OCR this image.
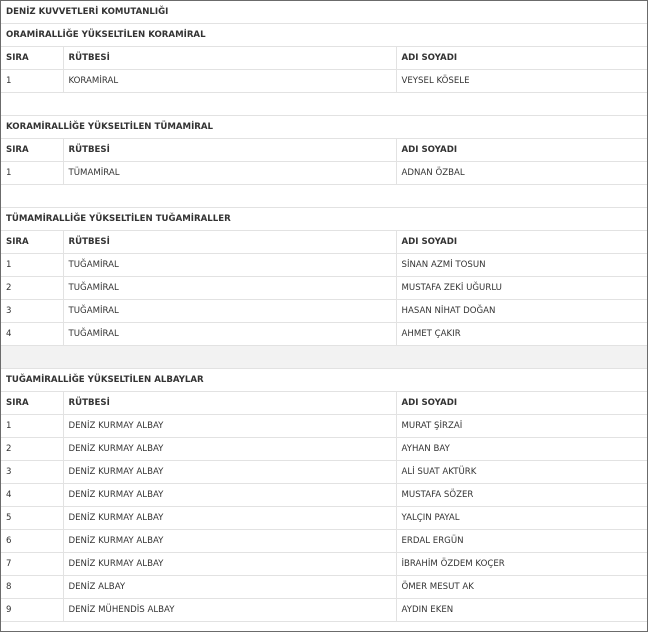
DENİZ KUVVETLERİ KOMUTANLIĞI		
ORAMİRALLİĞE YÜKSELTİLEN KORAMİRAL		
SIRA	RÜTBESİ	ADI SOYADI
1	KORAMİRAL	VEYSEL KÖSELE

KORAMİRALLİĞE YÜKSELTİLEN TÜMAMİRAL		
SIRA	RÜTBESİ	ADI SOYADI
1	TÜMAMİRAL	ADNAN ÖZBAL

TÜMAMİRALLİĞE YÜKSELTİLEN TUĞAMİRALLER		
SIRA	RÜTBESİ	ADI SOYADI
1	TUĞAMİRAL	SİNAN AZMİ TOSUN
2	TUĞAMİRAL	MUSTAFA ZEKİ UĞURLU
3	TUĞAMİRAL	HASAN NİHAT DOĞAN
4	TUĞAMİRAL	AHMET ÇAKIR

TUĞAMİRALLİĞE YÜKSELTİLEN ALBAYLAR		
SIRA	RÜTBESİ	ADI SOYADI
1	DENİZ KURMAY ALBAY	MURAT ŞİRZAİ
2	DENİZ KURMAY ALBAY	AYHAN BAY
3	DENİZ KURMAY ALBAY	ALİ SUAT AKTÜRK
4	DENİZ KURMAY ALBAY	MUSTAFA SÖZER
5	DENİZ KURMAY ALBAY	YALÇIN PAYAL
6	DENİZ KURMAY ALBAY	ERDAL ERGÜN
7	DENİZ KURMAY ALBAY	İBRAHİM ÖZDEM KOÇER
8	DENİZ ALBAY	ÖMER MESUT AK
9	DENİZ MÜHENDİS ALBAY	AYDIN EKEN
